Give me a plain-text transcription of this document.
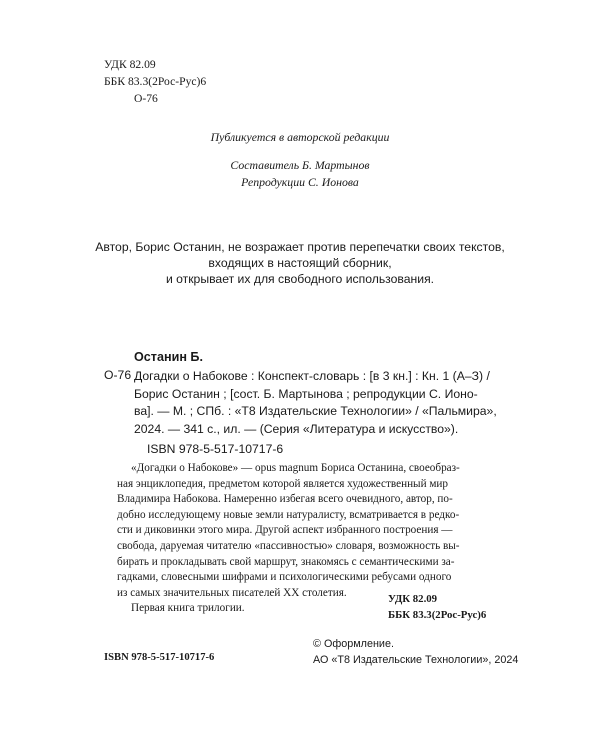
УДК 82.09
ББК 83.3(2Рос-Рус)6
О-76
Публикуется в авторской редакции
Составитель Б. Мартынов
Репродукции С. Ионова
Автор, Борис Останин, не возражает против перепечатки своих текстов,
входящих в настоящий сборник,
и открывает их для свободного использования.
Останин Б.
О-76 Догадки о Набокове : Конспект-словарь : [в 3 кн.] : Кн. 1 (А–З) /
Борис Останин ; [сост. Б. Мартынова ; репродукции С. Ионо-
ва]. — М. ; СПб. : «Т8 Издательские Технологии» / «Пальмира»,
2024. — 341 с., ил. — (Серия «Литература и искусство»).
ISBN 978-5-517-10717-6
«Догадки о Набокове» — opus magnum Бориса Останина, своеобраз-
ная энциклопедия, предметом которой является художественный мир
Владимира Набокова. Намеренно избегая всего очевидного, автор, по-
добно исследующему новые земли натуралисту, всматривается в редко-
сти и диковинки этого мира. Другой аспект избранного построения —
свобода, даруемая читателю «пассивностью» словаря, возможность вы-
бирать и прокладывать свой маршрут, знакомясь с семантическими за-
гадками, словесными шифрами и психологическими ребусами одного
из самых значительных писателей XX столетия.
Первая книга трилогии.
УДК 82.09
ББК 83.3(2Рос-Рус)6
© Оформление.
АО «Т8 Издательские Технологии», 2024
ISBN 978-5-517-10717-6
